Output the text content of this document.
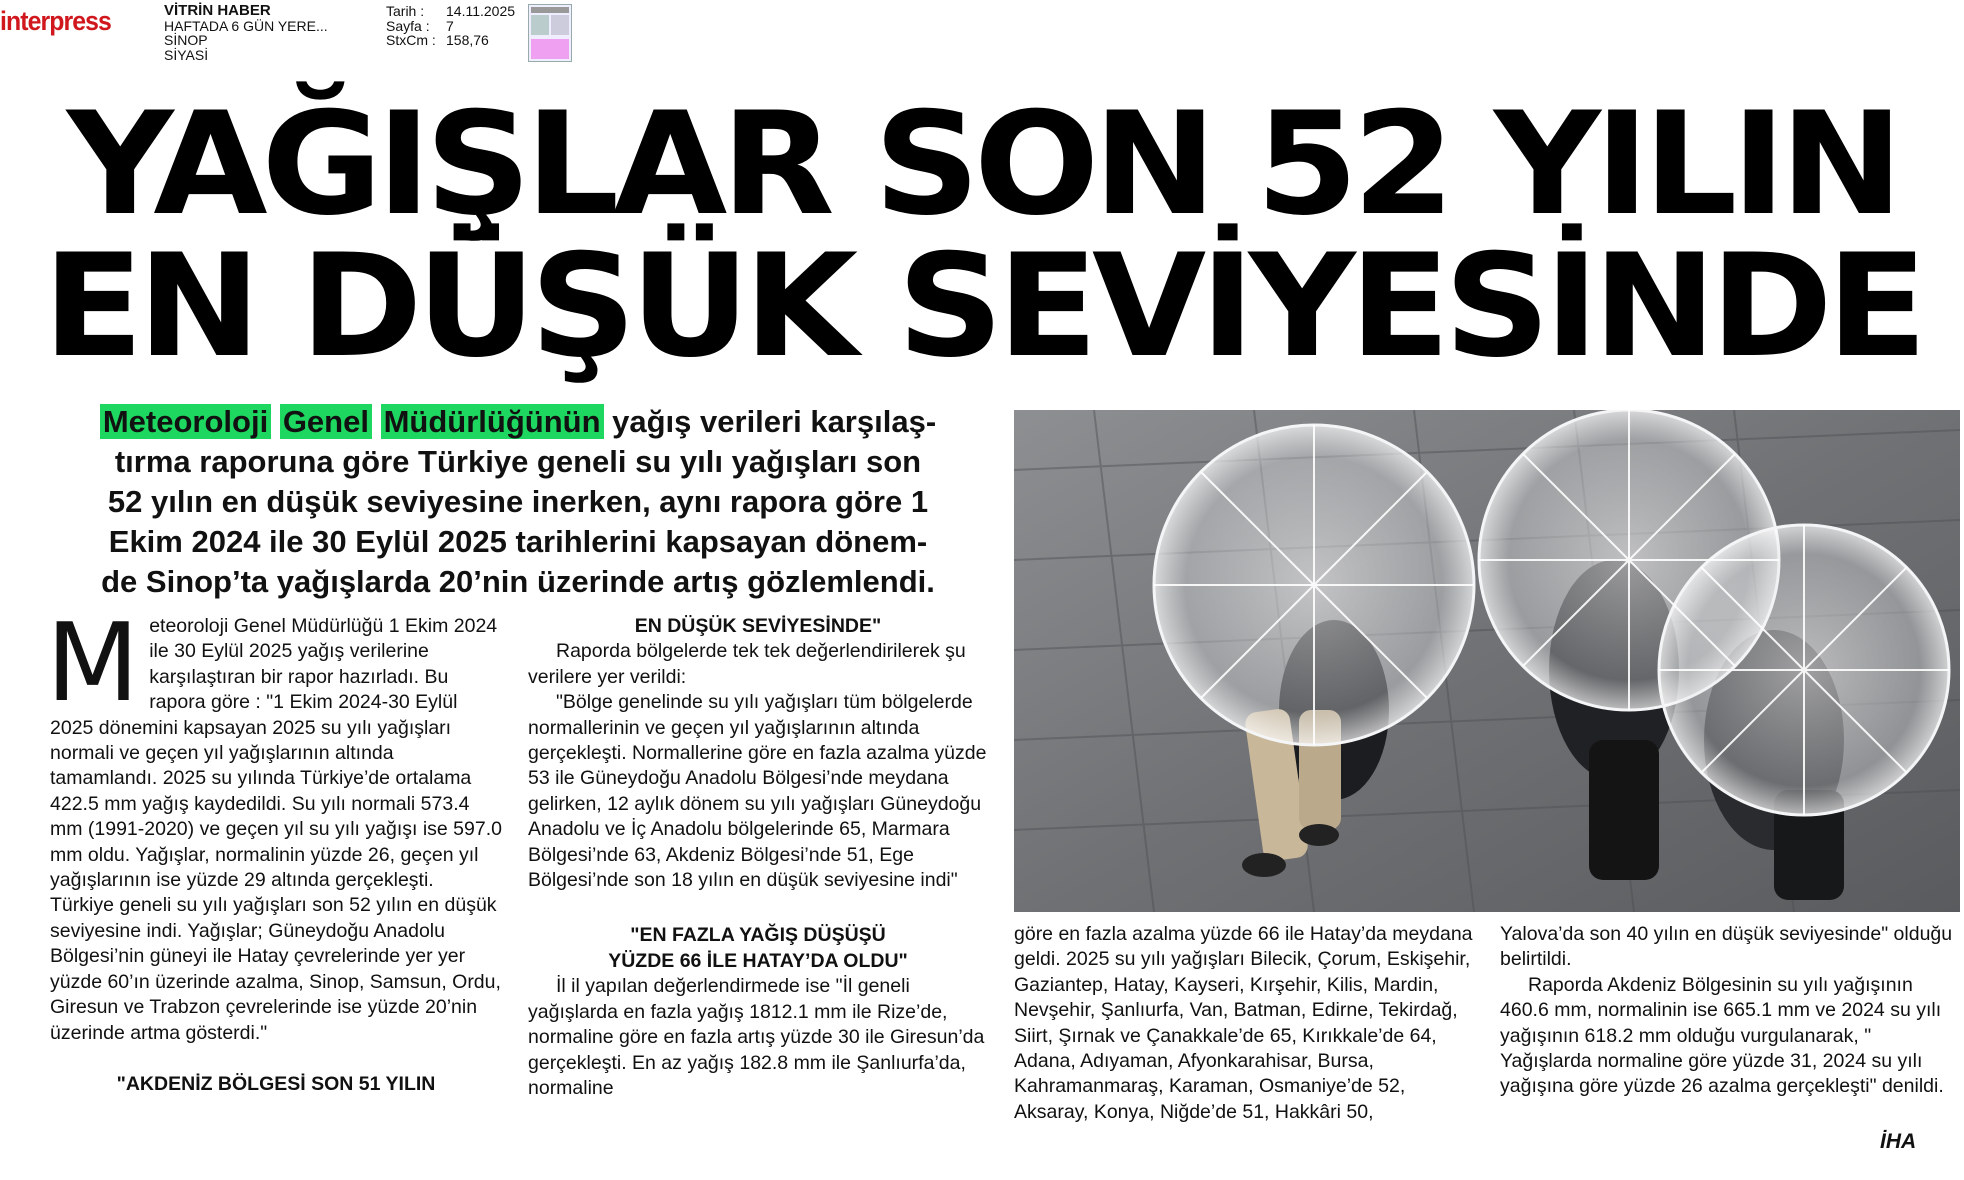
interpress	VİTRİN HABER
HAFTADA 6 GÜN YERE...
SİNOP
SİYASİ
Tarih :	14.11.2025
Sayfa :	7
StxCm : 158,76
YAĞIŞLAR SON 52 YILIN
EN DÜŞÜK SEVİYESİNDE
Meteoroloji Genel Müdürlüğünün yağış verileri karşılaş-
tırma raporuna göre Türkiye geneli su yılı yağışları son
52 yılın en düşük seviyesine inerken, aynı rapora göre 1
Ekim 2024 ile 30 Eylül 2025 tarihlerini kapsayan dönem-
de Sinop’ta yağışlarda 20’nin üzerinde artış gözlemlendi.
M eteoroloji Genel Müdürlüğü 1 Ekim 2024 ile 30 Eylül 2025 yağış verilerine karşılaştıran bir rapor hazırladı. Bu rapora göre : "1 Ekim 2024-30 Eylül 2025 dönemini kapsayan 2025 su yılı yağışları normali ve geçen yıl yağışlarının altında tamamlandı. 2025 su yılında Türkiye’de ortalama 422.5 mm yağış kaydedildi. Su yılı normali 573.4 mm (1991-2020) ve geçen yıl su yılı yağışı ise 597.0 mm oldu. Yağışlar, normalinin yüzde 26, geçen yıl yağışlarının ise yüzde 29 altında gerçekleşti. Türkiye geneli su yılı yağışları son 52 yılın en düşük seviyesine indi. Yağışlar; Güneydoğu Anadolu Bölgesi’nin güneyi ile Hatay çevrelerinde yer yer yüzde 60’ın üzerinde azalma, Sinop, Samsun, Ordu, Giresun ve Trabzon çevrelerinde ise yüzde 20’nin üzerinde artma gösterdi."

"AKDENİZ BÖLGESİ SON 51 YILIN

EN DÜŞÜK SEVİYESİNDE"

Raporda bölgelerde tek tek değerlendirilerek şu verilere yer verildi:

"Bölge genelinde su yılı yağışları tüm bölgelerde normallerinin ve geçen yıl yağışlarının altında gerçekleşti. Normallerine göre en fazla azalma yüzde 53 ile Güneydoğu Anadolu Bölgesi’nde meydana gelirken, 12 aylık dönem su yılı yağışları Güneydoğu Anadolu ve İç Anadolu bölgelerinde 65, Marmara Bölgesi’nde 63, Akdeniz Bölgesi’nde 51, Ege Bölgesi’nde son 18 yılın en düşük seviyesine indi"

"EN FAZLA YAĞIŞ DÜŞÜŞÜ

YÜZDE 66 İLE HATAY’DA OLDU"

İl il yapılan değerlendirmede ise "İl geneli yağışlarda en fazla yağış 1812.1 mm ile Rize’de, normaline göre en fazla artış yüzde 30 ile Giresun’da gerçekleşti. En az yağış 182.8 mm ile Şanlıurfa’da, normaline

göre en fazla azalma yüzde 66 ile Hatay’da meydana geldi. 2025 su yılı yağışları Bilecik, Çorum, Eskişehir, Gaziantep, Hatay, Kayseri, Kırşehir, Kilis, Mardin, Nevşehir, Şanlıurfa, Van, Batman, Edirne, Tekirdağ, Siirt, Şırnak ve Çanakkale’de 65, Kırıkkale’de 64, Adana, Adıyaman, Afyonkarahisar, Bursa, Kahramanmaraş, Karaman, Osmaniye’de 52, Aksaray, Konya, Niğde’de 51, Hakkâri 50,

Yalova’da son 40 yılın en düşük seviyesinde" olduğu belirtildi.

Raporda Akdeniz Bölgesinin su yılı yağışının 460.6 mm, normalinin ise 665.1 mm ve 2024 su yılı yağışının 618.2 mm olduğu vurgulanarak, " Yağışlarda normaline göre yüzde 31, 2024 su yılı yağışına göre yüzde 26 azalma gerçekleşti" denildi.

İHA
